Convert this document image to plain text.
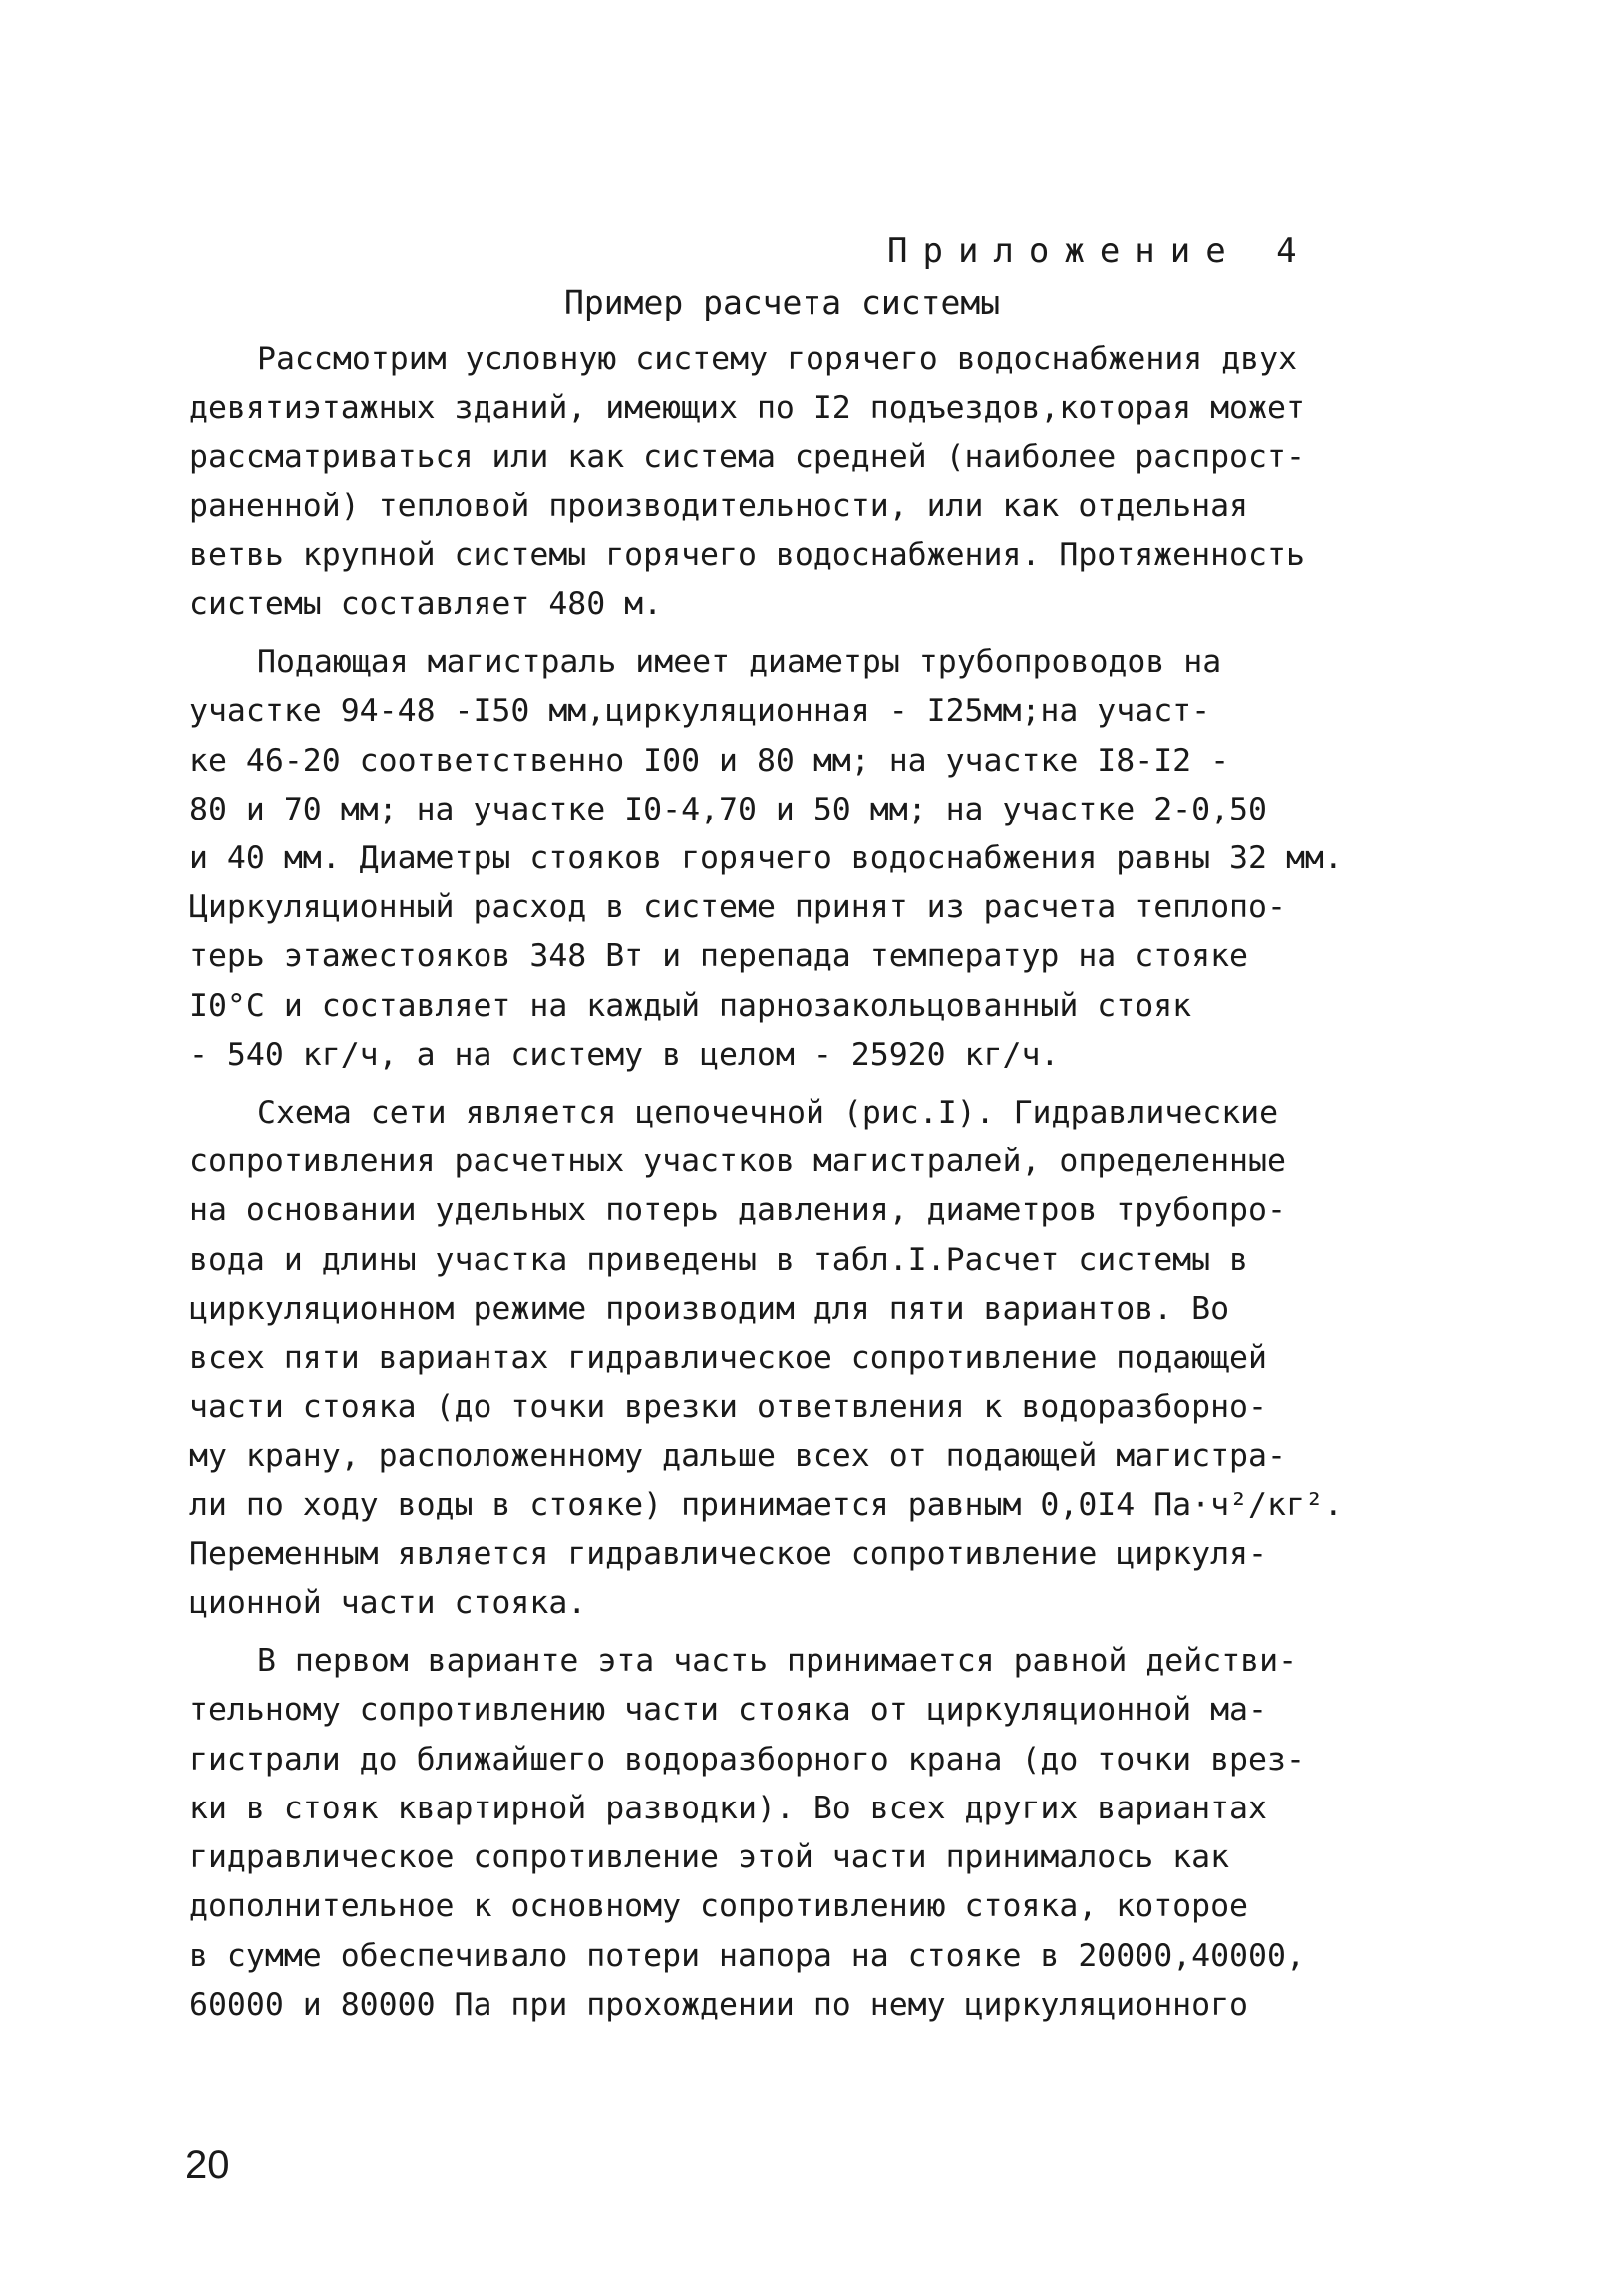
Приложение 4
Пример расчета системы

Рассмотрим условную систему горячего водоснабжения двух
девятиэтажных зданий, имеющих по I2 подъездов,которая может
рассматриваться или как система средней (наиболее распрост-
раненной) тепловой производительности, или как отдельная
ветвь крупной системы горячего водоснабжения. Протяженность
системы составляет 480 м.

Подающая магистраль имеет диаметры трубопроводов на
участке 94-48 -I50 мм,циркуляционная - I25мм;на участ-
ке 46-20 соответственно I00 и 80 мм; на участке I8-I2 -
80 и 70 мм; на участке I0-4,70 и 50 мм; на участке 2-0,50
и 40 мм. Диаметры стояков горячего водоснабжения равны 32 мм.
Циркуляционный расход в системе принят из расчета теплопо-
терь этажестояков 348 Вт и перепада температур на стояке
I0°C и составляет на каждый парнозакольцованный стояк
- 540 кг/ч, а на систему в целом - 25920 кг/ч.

Схема сети является цепочечной (рис.I). Гидравлические
сопротивления расчетных участков магистралей, определенные
на основании удельных потерь давления, диаметров трубопро-
вода и длины участка приведены в табл.I.Расчет системы в
циркуляционном режиме производим для пяти вариантов. Во
всех пяти вариантах гидравлическое сопротивление подающей
части стояка (до точки врезки ответвления к водоразборно-
му крану, расположенному дальше всех от подающей магистра-
ли по ходу воды в стояке) принимается равным 0,0I4 Па·ч²/кг².
Переменным является гидравлическое сопротивление циркуля-
ционной части стояка.

В первом варианте эта часть принимается равной действи-
тельному сопротивлению части стояка от циркуляционной ма-
гистрали до ближайшего водоразборного крана (до точки врез-
ки в стояк квартирной разводки). Во всех других вариантах
гидравлическое сопротивление этой части принималось как
дополнительное к основному сопротивлению стояка, которое
в сумме обеспечивало потери напора на стояке в 20000,40000,
60000 и 80000 Па при прохождении по нему циркуляционного

20
